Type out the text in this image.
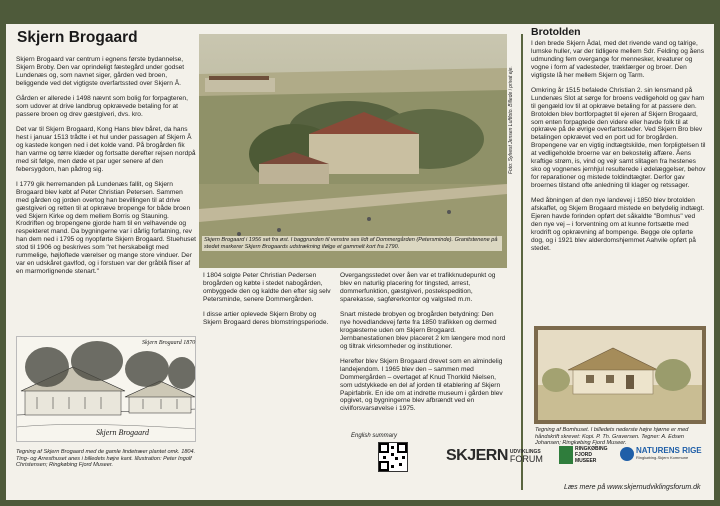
Skjern Brogaard

Skjern Brogaard var centrum i egnens første bydannelse, Skjern Broby. Den var oprindeligt fæstegård under godset Lundenæs og, som navnet siger, gården ved broen, beliggende ved det vigtigste overfartssted over Skjern Å.

Gården er allerede i 1498 nævnt som bolig for forpagteren, som udover at drive landbrug opkrævede betaling for at passere broen og drev gæstgiveri, dvs. kro.

Det var til Skjern Brogaard, Kong Hans blev båret, da hans hest i januar 1513 trådte i et hul under passagen af Skjern Å og kastede kongen ned i det kolde vand. På brogården fik han varme og tørre klæder og fortsatte derefter rejsen nordpå med sit følge, men døde et par uger senere af den febersygdom, han pådrog sig.

I 1779 gik herremanden på Lundenæs fallit, og Skjern Brogaard blev købt af Peter Christian Petersen. Sammen med gården og jorden overtog han bevillingen til at drive gæstgiveri og retten til at opkræve bropenge for både broen ved Skjern Kirke og dem mellem Borris og Stauning. Krodriften og bropengene gjorde ham til en velhavende og respekteret mand. Da bygningerne var i dårlig forfatning, rev han dem ned i 1795 og nyopførte Skjern Brogaard. Stuehuset stod til 1906 og beskrives som "ret herskabeligt med rummelige, højloftede værelser og mange store vinduer. Der var en udskåret gavlfod, og i forstuen var der gråblå fliser af en marmorlignende stenart."

Skjern Brogaard i 1956 set fra øst. I baggrunden til venstre ses lidt af Dommergården (Petersminde). Granitstenene på stedet markerer Skjern Brogaards udstrækning ifølge et gammelt kort fra 1790.
Foto: Sylvest Jensen Luftfoto. Billede i privat eje.

I 1804 solgte Peter Christian Pedersen brogården og købte i stedet nabogården, ombyggede den og kaldte den efter sig selv Petersminde, senere Dommergården.

I disse artier oplevede Skjern Broby og Skjern Brogaard deres blomstringsperiode.

Overgangsstedet over åen var et trafikknudepunkt og blev en naturlig placering for tingsted, arrest, dommerfunktion, gæstgiveri, postekspedition, sparekasse, sagførerkontor og valgsted m.m.

Snart mistede brobyen og brogården betydning: Den nye hovedlandevej førte fra 1850 trafikken og dermed krogæsterne uden om Skjern Brogaard. Jernbanestationen blev placeret 2 km længere mod nord og tiltrak virksomheder og institutioner.

Herefter blev Skjern Brogaard drevet som en almindelig landejendom. I 1965 blev den – sammen med Dommergården – overtaget af Knud Thorkild Nielsen, som udstykkede en del af jorden til etablering af Skjern Papirfabrik. En ide om at indrette museum i gården blev opgivet, og bygningerne blev afbrændt ved en civilforsvarsøvelse i 1975.

Brotolden

I den brede Skjern Ådal, med det rivende vand og talrige, lumske huller, var der tidligere mellem Sdr. Felding og åens udmunding fem overgange for mennesker, kreaturer og vogne i form af vadesteder, trækfærger og broer. Den vigtigste lå her mellem Skjern og Tarm.

Omkring år 1515 befalede Christian 2. sin lensmand på Lundenæs Slot at sørge for broens vedligehold og gav ham til gengæld lov til at opkræve betaling for at passere den. Brotolden blev bortforpagtet til ejeren af Skjern Brogaard, som enten forpagtede den videre eller havde folk til at opkræve på de øvrige overfartssteder. Ved Skjern Bro blev betalingen opkrævet ved en port ud for brogården. Bropengene var en vigtig indtægtskilde, men forpligtelsen til at vedligeholde broerne var en bekostelig affære. Åens kraftige strøm, is, vind og vejr samt slitagen fra hestenes sko og vognenes jernhjul resulterede i ødelæggelser, behov for reparationer og mistede toldindtægter. Derfor gav broernes tilstand ofte anledning til klager og retssager.

Med åbningen af den nye landevej i 1850 blev brotolden afskaffet, og Skjern Brogaard mistede en betydelig indtægt. Ejeren havde forinden opført det såkaldte "Bomhus" ved den nye vej – i forventning om at kunne fortsætte med krodrift og opkrævning af bompenge. Begge ole opførte dog, og i 1921 blev alderdomshjemmet Aahvile opført på stedet.

Tegning af Bomhuset. I billedets nederste højre hjørne er med håndskrift skrevet: Kopi. P. Th. Graversen. Tegner: A. Edsen Johansen; Ringkøbing Fjord Museer.
Skjern Brogaard 1870
Skjern Brogaard
Tegning af Skjern Brogaard med de gamle lindetræer plantet omk. 1804. Ting- og Arresthuset anes i billedets højre kant. Illustration: Peter Ingolf Christensen; Ringkøbing Fjord Museer.
English summary
SKJERN UDVIKLINGS
FORUM
RINGKØBING
FJORD
MUSEER
NATURENS RIGE
Ringkøbing-Skjern Kommune
Læs mere på www.skjernudviklingsforum.dk
